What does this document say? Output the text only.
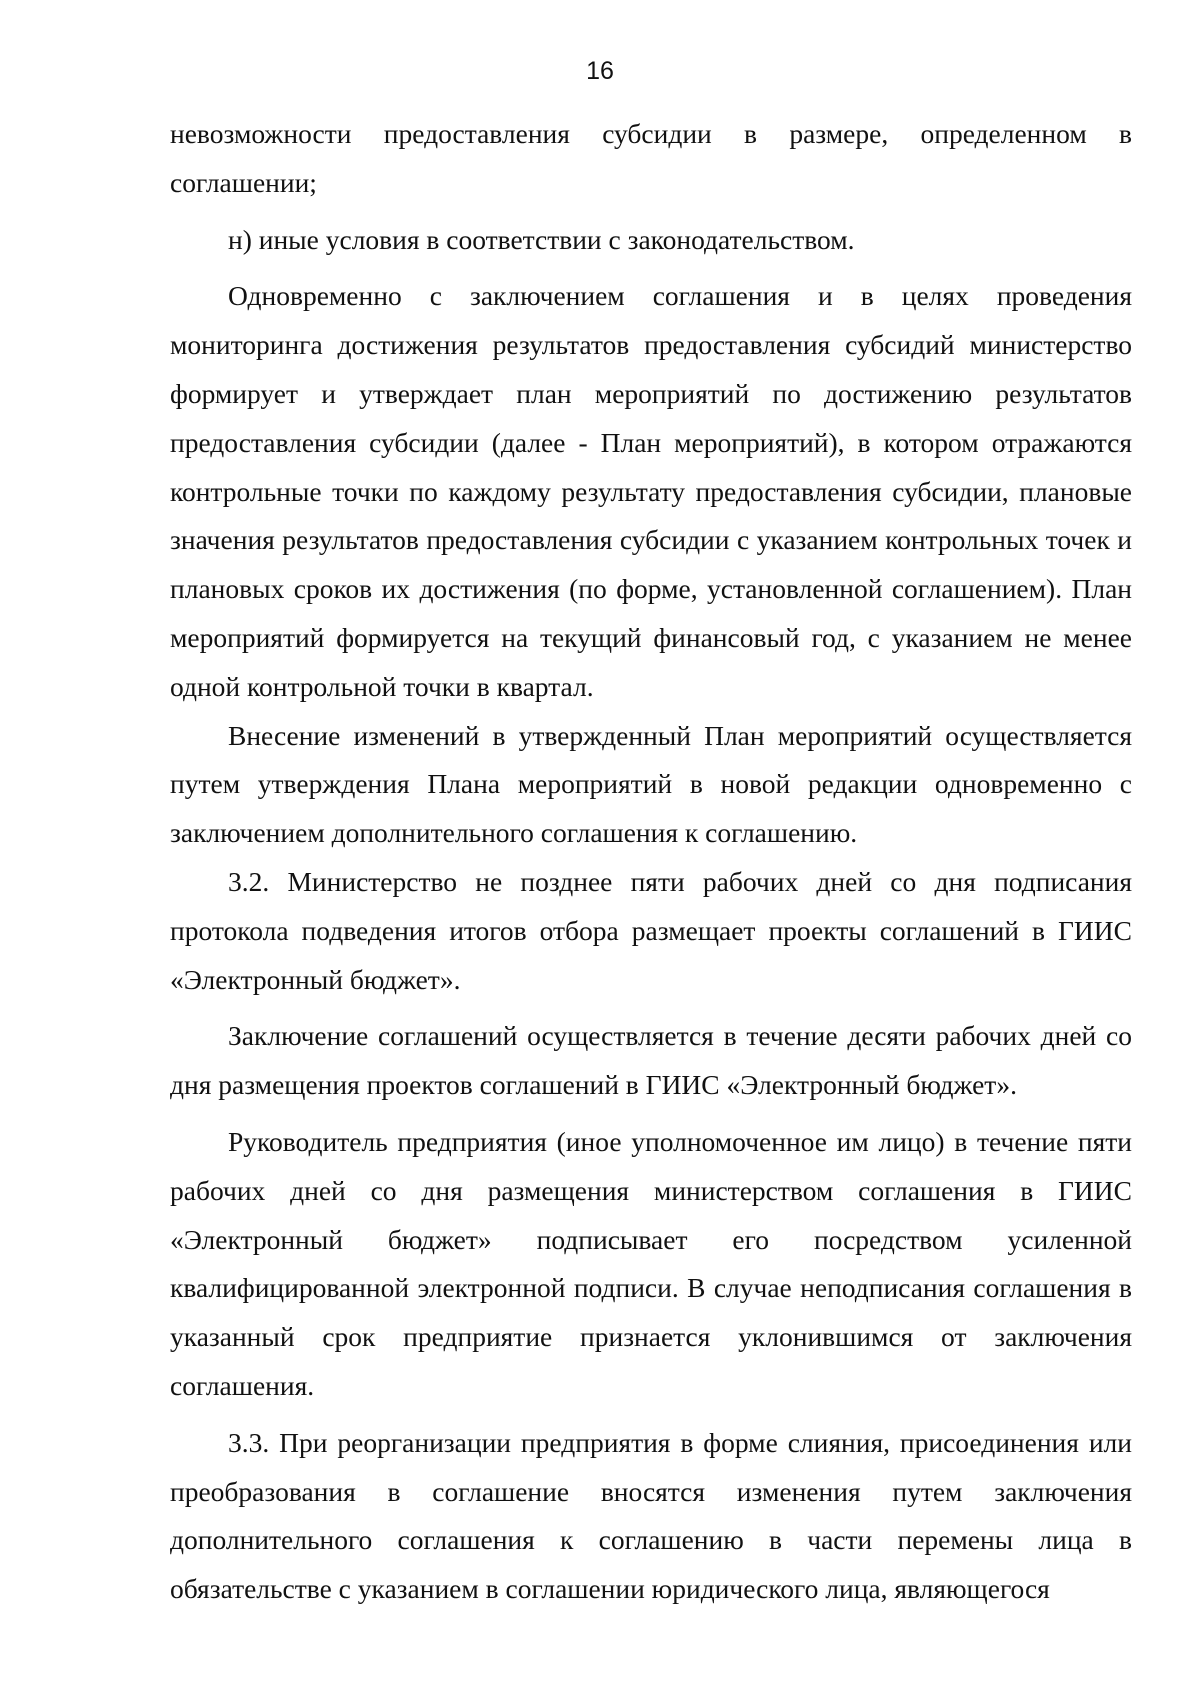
16

невозможности предоставления субсидии в размере, определенном в соглашении;

н) иные условия в соответствии с законодательством.

Одновременно с заключением соглашения и в целях проведения мониторинга достижения результатов предоставления субсидий министерство формирует и утверждает план мероприятий по достижению результатов предоставления субсидии (далее - План мероприятий), в котором отражаются контрольные точки по каждому результату предоставления субсидии, плановые значения результатов предоставления субсидии с указанием контрольных точек и плановых сроков их достижения (по форме, установленной соглашением). План мероприятий формируется на текущий финансовый год, с указанием не менее одной контрольной точки в квартал.

Внесение изменений в утвержденный План мероприятий осуществляется путем утверждения Плана мероприятий в новой редакции одновременно с заключением дополнительного соглашения к соглашению.

3.2. Министерство не позднее пяти рабочих дней со дня подписания протокола подведения итогов отбора размещает проекты соглашений в ГИИС «Электронный бюджет».

Заключение соглашений осуществляется в течение десяти рабочих дней со дня размещения проектов соглашений в ГИИС «Электронный бюджет».

Руководитель предприятия (иное уполномоченное им лицо) в течение пяти рабочих дней со дня размещения министерством соглашения в ГИИС «Электронный бюджет» подписывает его посредством усиленной квалифицированной электронной подписи. В случае неподписания соглашения в указанный срок предприятие признается уклонившимся от заключения соглашения.

3.3. При реорганизации предприятия в форме слияния, присоединения или преобразования в соглашение вносятся изменения путем заключения дополнительного соглашения к соглашению в части перемены лица в обязательстве с указанием в соглашении юридического лица, являющегося
